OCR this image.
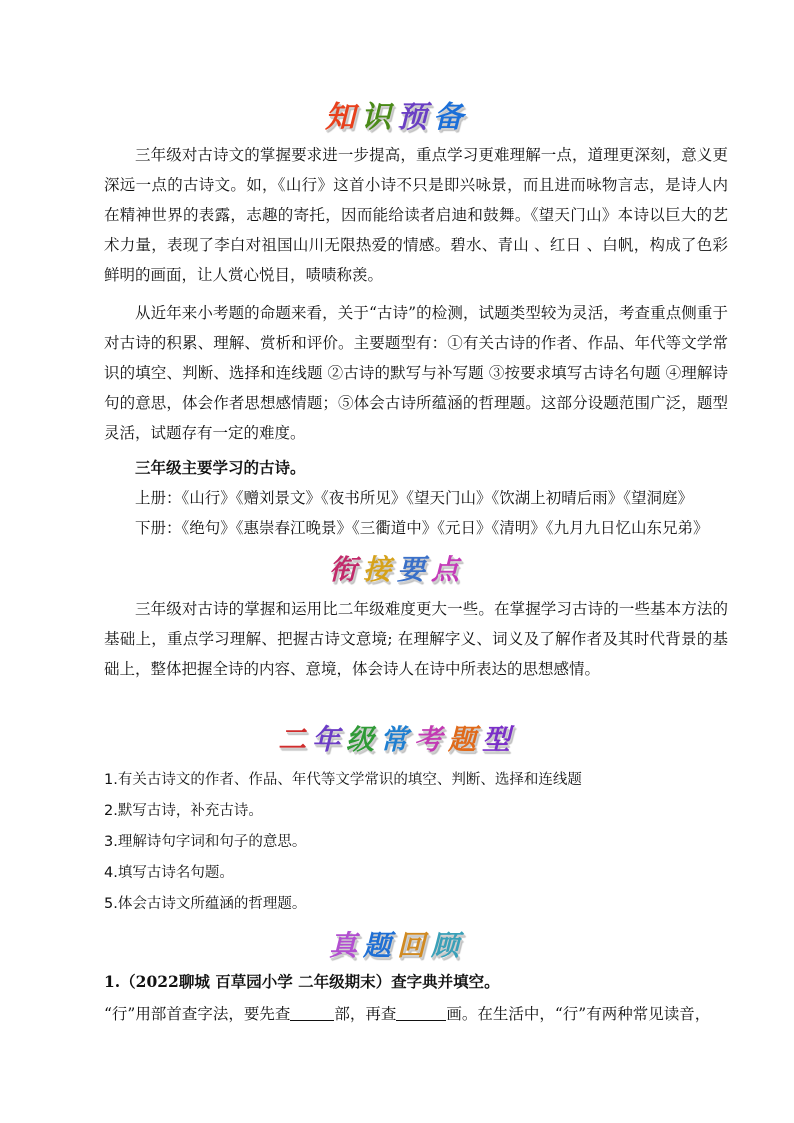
知识预备

三年级对古诗文的掌握要求进一步提高，重点学习更难理解一点，道理更深刻，意义更深远一点的古诗文。如，《山行》这首小诗不只是即兴咏景，而且进而咏物言志，是诗人内在精神世界的表露，志趣的寄托，因而能给读者启迪和鼓舞。《望天门山》本诗以巨大的艺术力量，表现了李白对祖国山川无限热爱的情感。碧水、青山 、红日 、白帆，构成了色彩鲜明的画面，让人赏心悦目，啧啧称羡。

从近年来小考题的命题来看，关于“古诗”的检测，试题类型较为灵活，考查重点侧重于对古诗的积累、理解、赏析和评价。主要题型有：①有关古诗的作者、作品、年代等文学常识的填空、判断、选择和连线题 ②古诗的默写与补写题 ③按要求填写古诗名句题 ④理解诗句的意思，体会作者思想感情题；⑤体会古诗所蕴涵的哲理题。这部分设题范围广泛，题型灵活，试题存有一定的难度。

三年级主要学习的古诗。

上册：《山行》《赠刘景文》《夜书所见》《望天门山》《饮湖上初晴后雨》《望洞庭》

下册：《绝句》《惠崇春江晚景》《三衢道中》《元日》《清明》《九月九日忆山东兄弟》

衔接要点

三年级对古诗的掌握和运用比二年级难度更大一些。在掌握学习古诗的一些基本方法的基础上，重点学习理解、把握古诗文意境; 在理解字义、词义及了解作者及其时代背景的基础上，整体把握全诗的内容、意境，体会诗人在诗中所表达的思想感情。

二年级常考题型

1.有关古诗文的作者、作品、年代等文学常识的填空、判断、选择和连线题

2.默写古诗，补充古诗。

3.理解诗句字词和句子的意思。

4.填写古诗名句题。

5.体会古诗文所蕴涵的哲理题。

真题回顾

1.（2022聊城 百草园小学 二年级期末）查字典并填空。

“行”用部首查字法，要先查	部，再查	画。在生活中，“行”有两种常见读音，
